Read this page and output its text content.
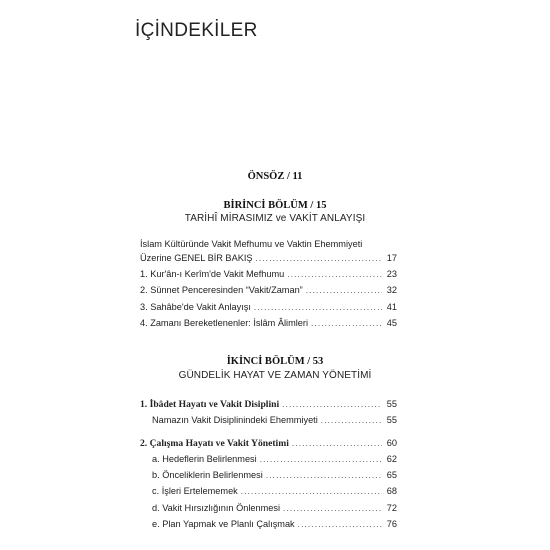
İÇİNDEKİLER
ÖNSÖZ / 11
BİRİNCİ BÖLÜM / 15
TARİHÎ MİRASIMIZ ve VAKİT ANLAYIŞI
İslam Kültüründe Vakit Mefhumu ve Vaktin Ehemmiyeti
Üzerine GENEL BİR BAKIŞ .....	17
1. Kur'ân-ı Kerîm'de Vakit Mefhumu .....	23
2. Sünnet Penceresinden “Vakit/Zaman” .....	32
3. Sahâbe'de Vakit Anlayışı .....	41
4. Zamanı Bereketlenenler: İslâm Âlimleri .....	45
İKİNCİ BÖLÜM / 53
GÜNDELİK HAYAT VE ZAMAN YÖNETİMİ
1. İbâdet Hayatı ve Vakit Disiplini .....	55
Namazın Vakit Disiplinindeki Ehemmiyeti .....	55
2. Çalışma Hayatı ve Vakit Yönetimi .....	60
a. Hedeflerin Belirlenmesi .....	62
b. Önceliklerin Belirlenmesi .....	65
c. İşleri Ertelememek .....	68
d. Vakit Hırsızlığının Önlenmesi .....	72
e. Plan Yapmak ve Planlı Çalışmak .....	76
